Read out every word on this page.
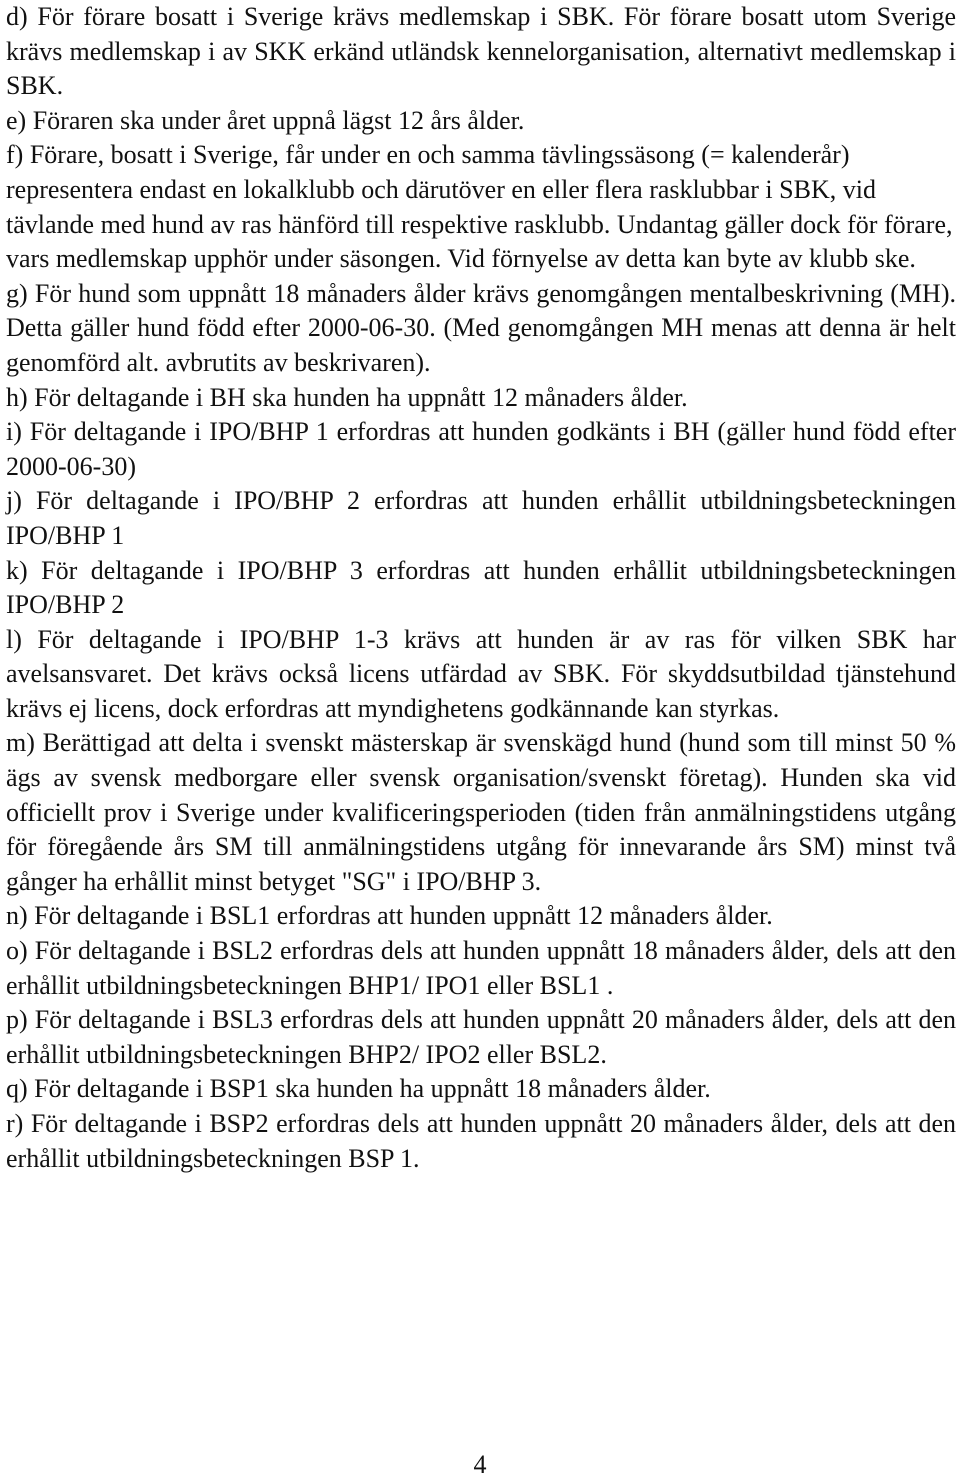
d) För förare bosatt i Sverige krävs medlemskap i SBK. För förare bosatt utom Sverige krävs medlemskap i av SKK erkänd utländsk kennelorganisation, alternativt medlemskap i SBK.

e) Föraren ska under året uppnå lägst 12 års ålder.

f) Förare, bosatt i Sverige, får under en och samma tävlingssäsong (= kalenderår) representera endast en lokalklubb och därutöver en eller flera rasklubbar i SBK, vid tävlande med hund av ras hänförd till respektive rasklubb. Undantag gäller dock för förare, vars medlemskap upphör under säsongen. Vid förnyelse av detta kan byte av klubb ske.

g) För hund som uppnått 18 månaders ålder krävs genomgången mentalbeskrivning (MH). Detta gäller hund född efter 2000-06-30. (Med genomgången MH menas att denna är helt genomförd alt. avbrutits av beskrivaren).

h) För deltagande i BH ska hunden ha uppnått 12 månaders ålder.

i) För deltagande i IPO/BHP 1 erfordras att hunden godkänts i BH (gäller hund född efter 2000-06-30)

j) För deltagande i IPO/BHP 2 erfordras att hunden erhållit utbildningsbeteckningen IPO/BHP 1

k) För deltagande i IPO/BHP 3 erfordras att hunden erhållit utbildningsbeteckningen IPO/BHP 2

l) För deltagande i IPO/BHP 1-3 krävs att hunden är av ras för vilken SBK har avelsansvaret. Det krävs också licens utfärdad av SBK. För skyddsutbildad tjänstehund krävs ej licens, dock erfordras att myndighetens godkännande kan styrkas.

m) Berättigad att delta i svenskt mästerskap är svenskägd hund (hund som till minst 50 % ägs av svensk medborgare eller svensk organisation/svenskt företag). Hunden ska vid officiellt prov i Sverige under kvalificeringsperioden (tiden från anmälningstidens utgång för föregående års SM till anmälningstidens utgång för innevarande års SM) minst två gånger ha erhållit minst betyget "SG" i IPO/BHP 3.

n) För deltagande i BSL1 erfordras att hunden uppnått 12 månaders ålder.

o) För deltagande i BSL2 erfordras dels att hunden uppnått 18 månaders ålder, dels att den erhållit utbildningsbeteckningen BHP1/ IPO1 eller BSL1 .

p) För deltagande i BSL3 erfordras dels att hunden uppnått 20 månaders ålder, dels att den erhållit utbildningsbeteckningen BHP2/ IPO2 eller BSL2.

q) För deltagande i BSP1 ska hunden ha uppnått 18 månaders ålder.

r) För deltagande i BSP2 erfordras dels att hunden uppnått 20 månaders ålder, dels att den erhållit utbildningsbeteckningen BSP 1.

4
